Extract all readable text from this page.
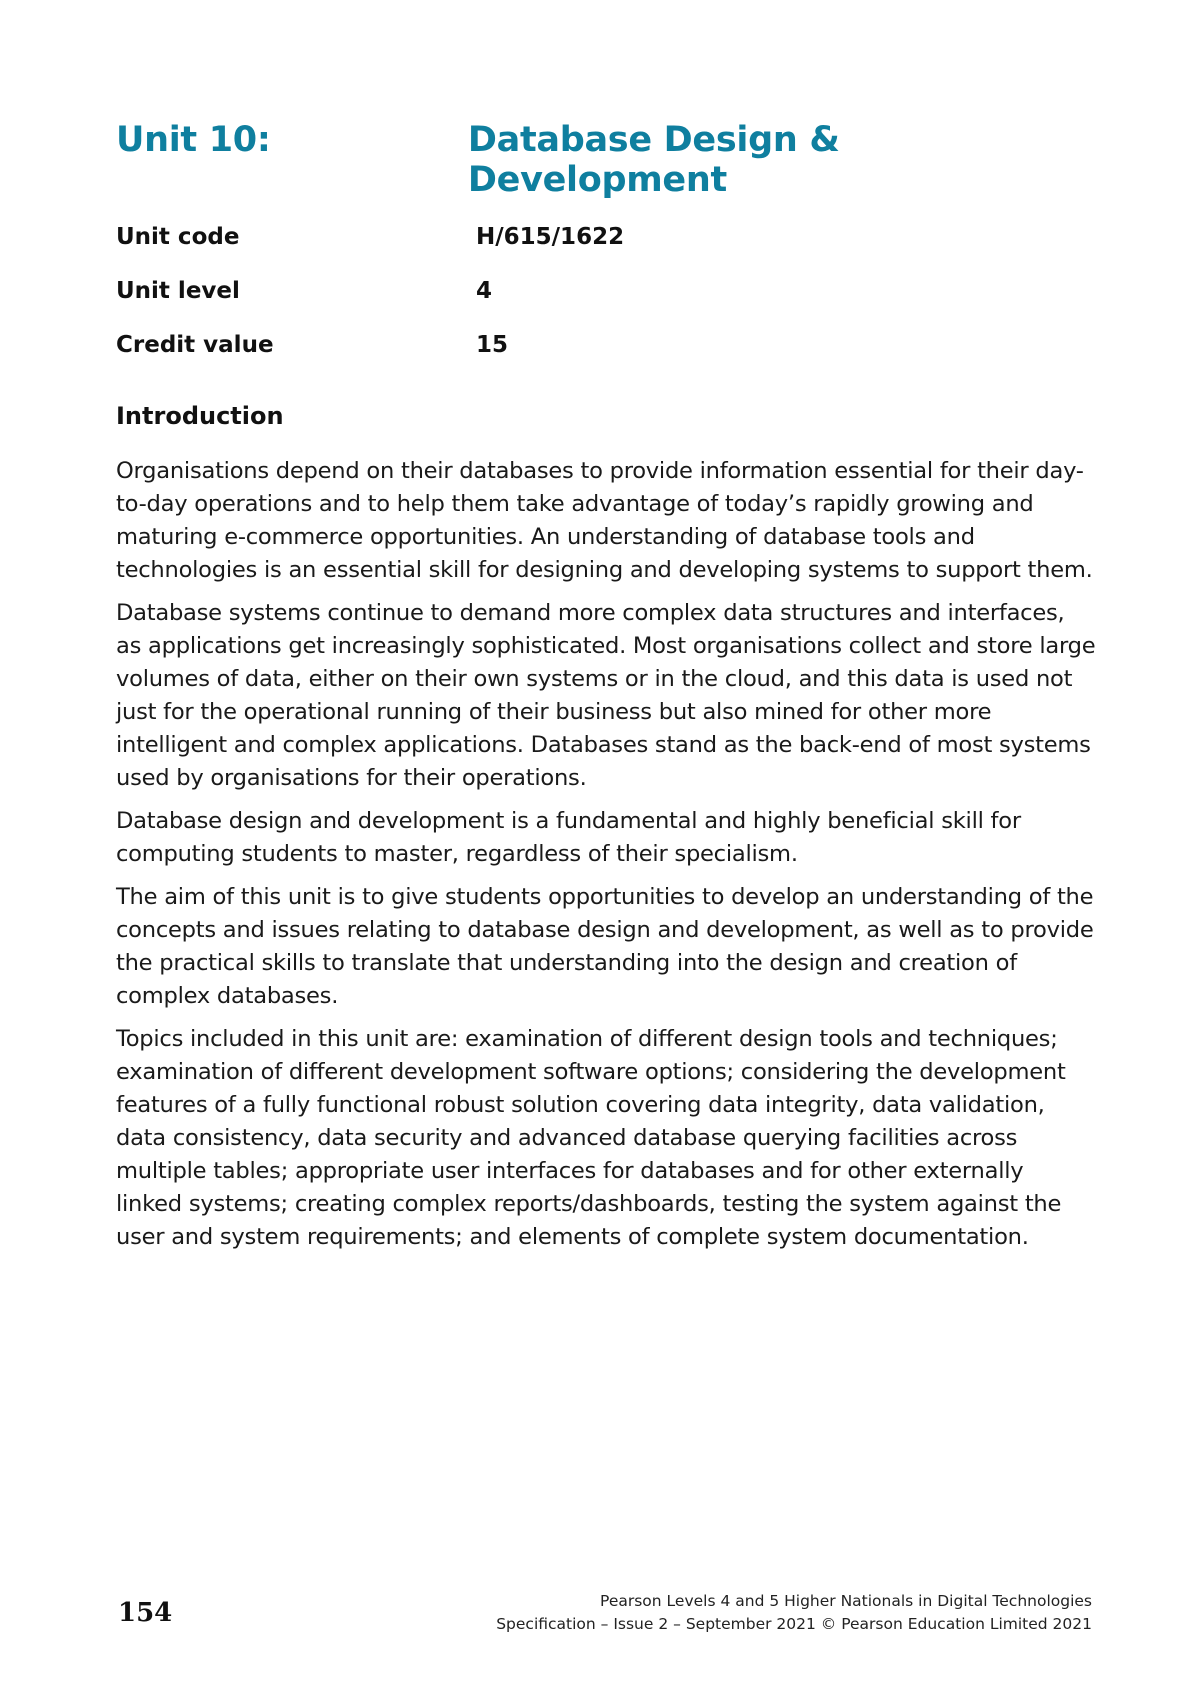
Unit 10:	Database Design & Development
Unit code	H/615/1622
Unit level	4
Credit value	15
Introduction

Organisations depend on their databases to provide information essential for their day-to-day operations and to help them take advantage of today’s rapidly growing and maturing e-commerce opportunities. An understanding of database tools and technologies is an essential skill for designing and developing systems to support them.

Database systems continue to demand more complex data structures and interfaces, as applications get increasingly sophisticated. Most organisations collect and store large volumes of data, either on their own systems or in the cloud, and this data is used not just for the operational running of their business but also mined for other more intelligent and complex applications. Databases stand as the back-end of most systems used by organisations for their operations.

Database design and development is a fundamental and highly beneficial skill for computing students to master, regardless of their specialism.

The aim of this unit is to give students opportunities to develop an understanding of the concepts and issues relating to database design and development, as well as to provide the practical skills to translate that understanding into the design and creation of complex databases.

Topics included in this unit are: examination of different design tools and techniques; examination of different development software options; considering the development features of a fully functional robust solution covering data integrity, data validation, data consistency, data security and advanced database querying facilities across multiple tables; appropriate user interfaces for databases and for other externally linked systems; creating complex reports/dashboards, testing the system against the user and system requirements; and elements of complete system documentation.

154	Pearson Levels 4 and 5 Higher Nationals in Digital Technologies
Specification – Issue 2 – September 2021 © Pearson Education Limited 2021
